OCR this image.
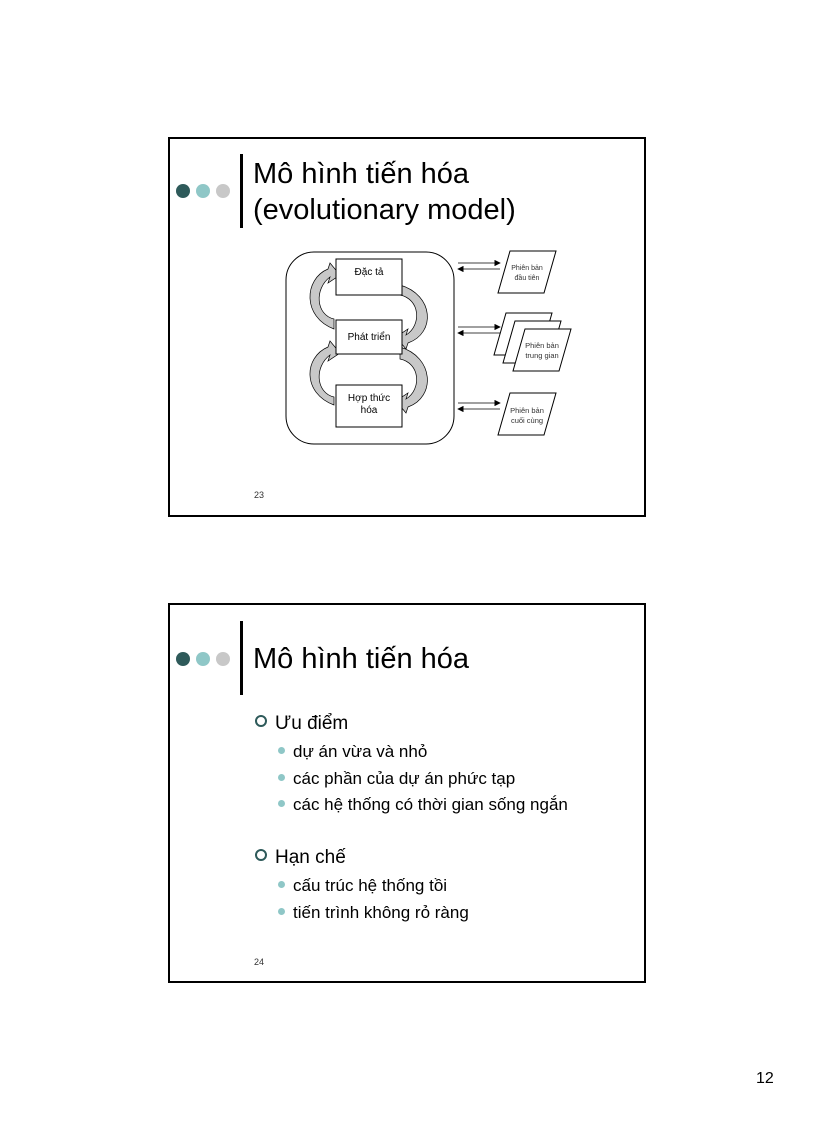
Mô hình tiến hóa
(evolutionary model)
Đặc tả
Phát triển
Hợp thức
hóa
Phiên bản
đầu tiên
Phiên bản
trung gian
Phiên bản
cuối cùng
23
Mô hình tiến hóa
Ưu điểm
dự án vừa và nhỏ
các phần của dự án phức tạp
các hệ thống có thời gian sống ngắn
Hạn chế
cấu trúc hệ thống tồi
tiến trình không rỏ ràng
24
12
